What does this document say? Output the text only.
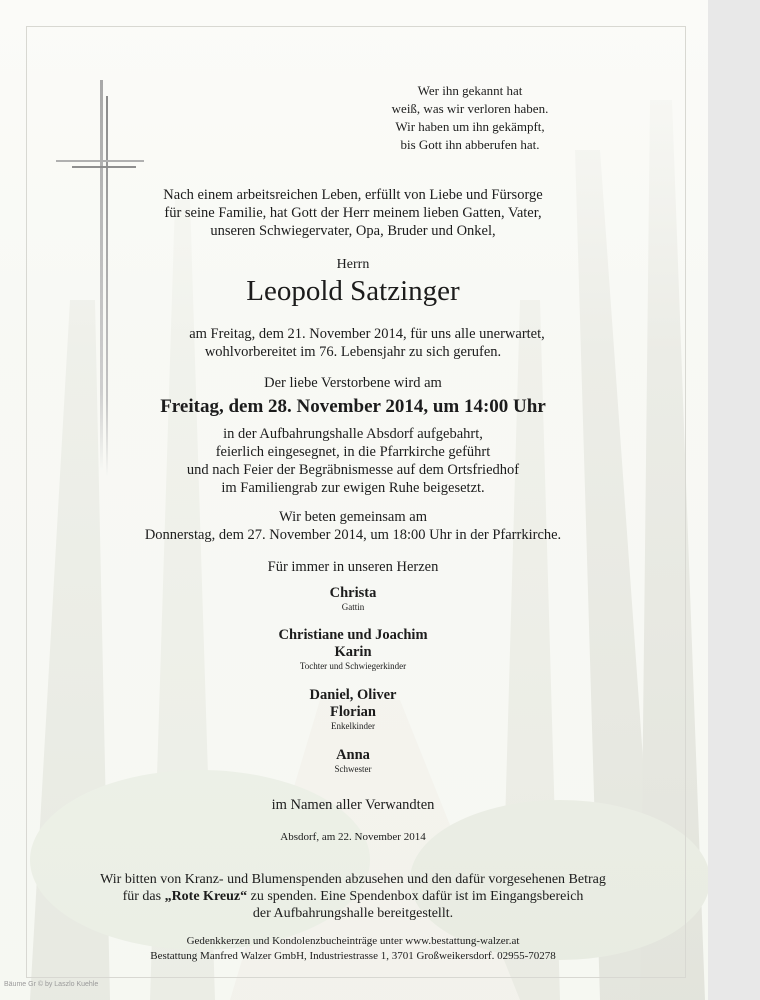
Wer ihn gekannt hat
weiß, was wir verloren haben.
Wir haben um ihn gekämpft,
bis Gott ihn abberufen hat.
Nach einem arbeitsreichen Leben, erfüllt von Liebe und Fürsorge
für seine Familie, hat Gott der Herr meinem lieben Gatten, Vater,
unseren Schwiegervater, Opa, Bruder und Onkel,
Herrn
Leopold Satzinger
am Freitag, dem 21. November 2014, für uns alle unerwartet,
wohlvorbereitet im 76. Lebensjahr zu sich gerufen.
Der liebe Verstorbene wird am
Freitag, dem 28. November 2014, um 14:00 Uhr
in der Aufbahrungshalle Absdorf aufgebahrt,
feierlich eingesegnet, in die Pfarrkirche geführt
und nach Feier der Begräbnismesse auf dem Ortsfriedhof
im Familiengrab zur ewigen Ruhe beigesetzt.
Wir beten gemeinsam am
Donnerstag, dem 27. November 2014, um 18:00 Uhr in der Pfarrkirche.
Für immer in unseren Herzen
Christa
Gattin
Christiane und Joachim
Karin
Tochter und Schwiegerkinder
Daniel, Oliver
Florian
Enkelkinder
Anna
Schwester
im Namen aller Verwandten
Absdorf, am 22. November 2014
Wir bitten von Kranz- und Blumenspenden abzusehen und den dafür vorgesehenen Betrag
für das „Rote Kreuz“ zu spenden. Eine Spendenbox dafür ist im Eingangsbereich
der Aufbahrungshalle bereitgestellt.
Gedenkkerzen und Kondolenzbucheinträge unter www.bestattung-walzer.at
Bestattung Manfred Walzer GmbH, Industriestrasse 1, 3701 Großweikersdorf. 02955-70278
Bäume Gr © by Laszlo Kuehle
